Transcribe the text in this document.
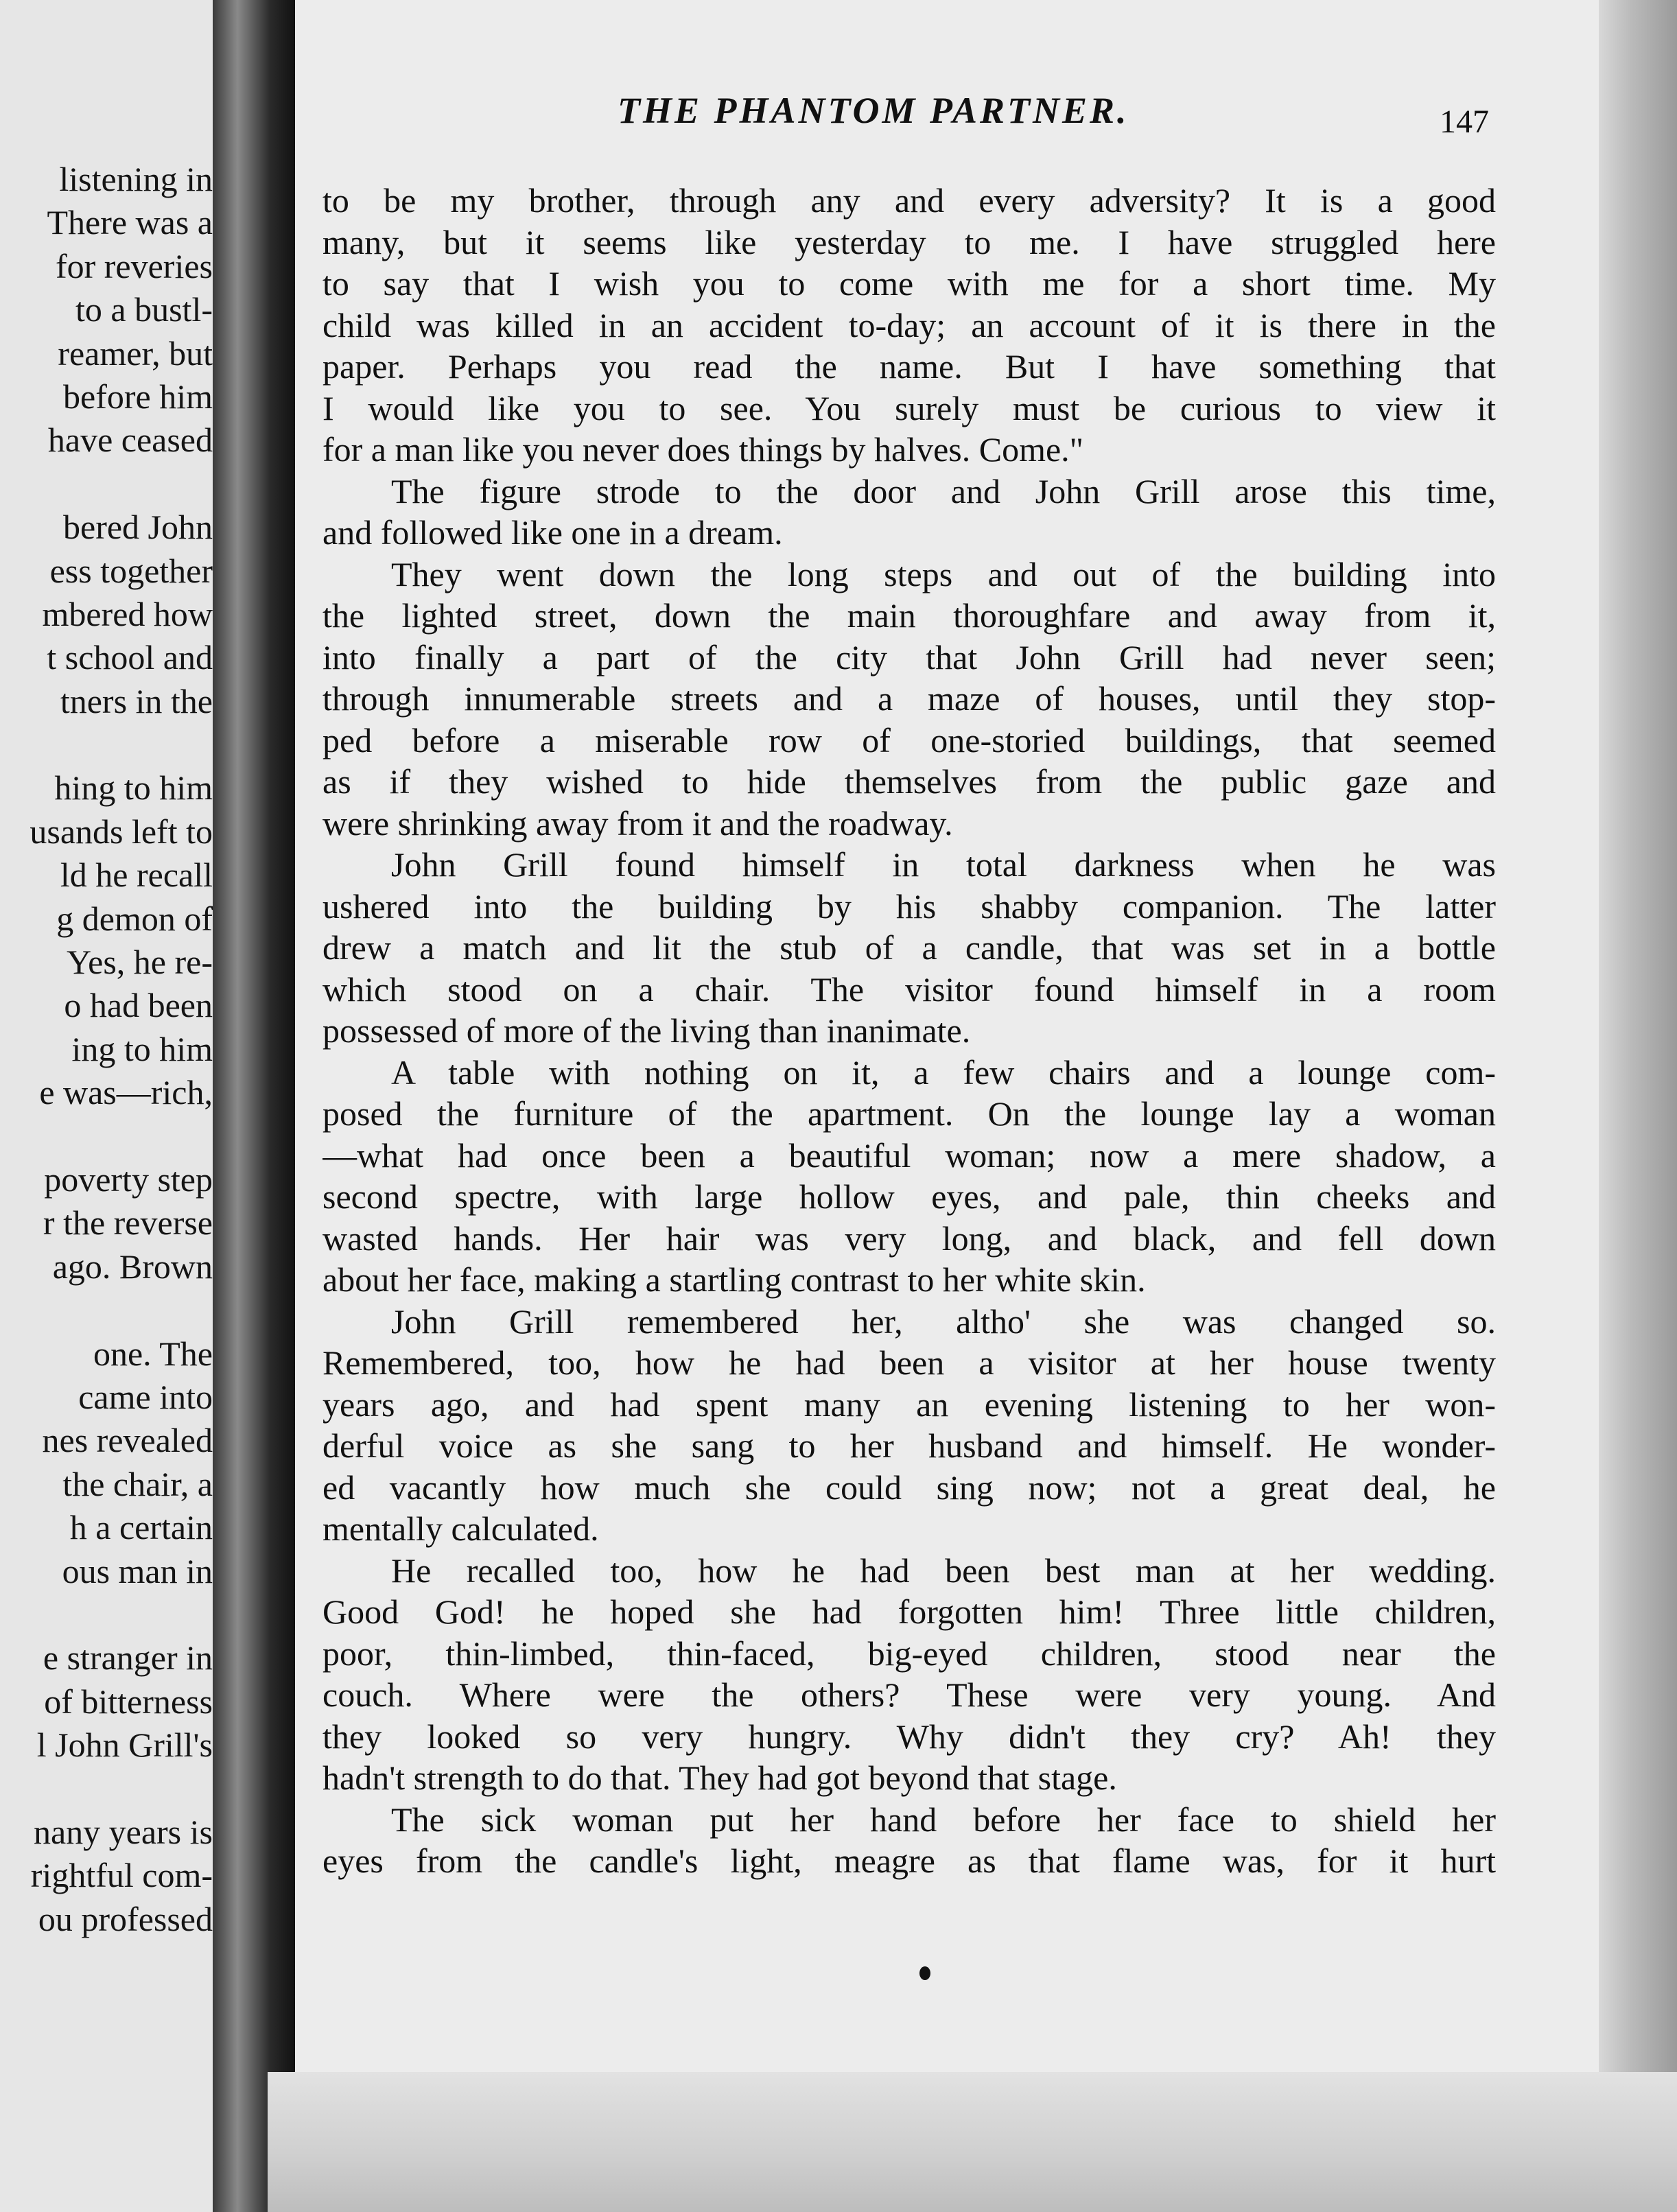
listening in
There was a
for reveries
to a bustl-
reamer, but
before him
have ceased
bered John
ess together
mbered how
t school and
tners in the
hing to him
usands left to
ld he recall
g demon of
Yes, he re-
o had been
ing to him
e was—rich,
poverty step
r the reverse
ago. Brown
one. The
came into
nes revealed
the chair, a
h a certain
ous man in
e stranger in
of bitterness
l John Grill's
nany years is
rightful com-
ou professed
THE PHANTOM PARTNER.	147
to be my brother, through any and every adversity? It is a good
many, but it seems like yesterday to me. I have struggled here
to say that I wish you to come with me for a short time. My
child was killed in an accident to-day; an account of it is there in the
paper. Perhaps you read the name. But I have something that
I would like you to see. You surely must be curious to view it
for a man like you never does things by halves. Come."
The figure strode to the door and John Grill arose this time,
and followed like one in a dream.
They went down the long steps and out of the building into
the lighted street, down the main thoroughfare and away from it,
into finally a part of the city that John Grill had never seen;
through innumerable streets and a maze of houses, until they stop-
ped before a miserable row of one-storied buildings, that seemed
as if they wished to hide themselves from the public gaze and
were shrinking away from it and the roadway.
John Grill found himself in total darkness when he was
ushered into the building by his shabby companion. The latter
drew a match and lit the stub of a candle, that was set in a bottle
which stood on a chair. The visitor found himself in a room
possessed of more of the living than inanimate.
A table with nothing on it, a few chairs and a lounge com-
posed the furniture of the apartment. On the lounge lay a woman
—what had once been a beautiful woman; now a mere shadow, a
second spectre, with large hollow eyes, and pale, thin cheeks and
wasted hands. Her hair was very long, and black, and fell down
about her face, making a startling contrast to her white skin.
John Grill remembered her, altho' she was changed so.
Remembered, too, how he had been a visitor at her house twenty
years ago, and had spent many an evening listening to her won-
derful voice as she sang to her husband and himself. He wonder-
ed vacantly how much she could sing now; not a great deal, he
mentally calculated.
He recalled too, how he had been best man at her wedding.
Good God! he hoped she had forgotten him! Three little children,
poor, thin-limbed, thin-faced, big-eyed children, stood near the
couch. Where were the others? These were very young. And
they looked so very hungry. Why didn't they cry? Ah! they
hadn't strength to do that. They had got beyond that stage.
The sick woman put her hand before her face to shield her
eyes from the candle's light, meagre as that flame was, for it hurt
